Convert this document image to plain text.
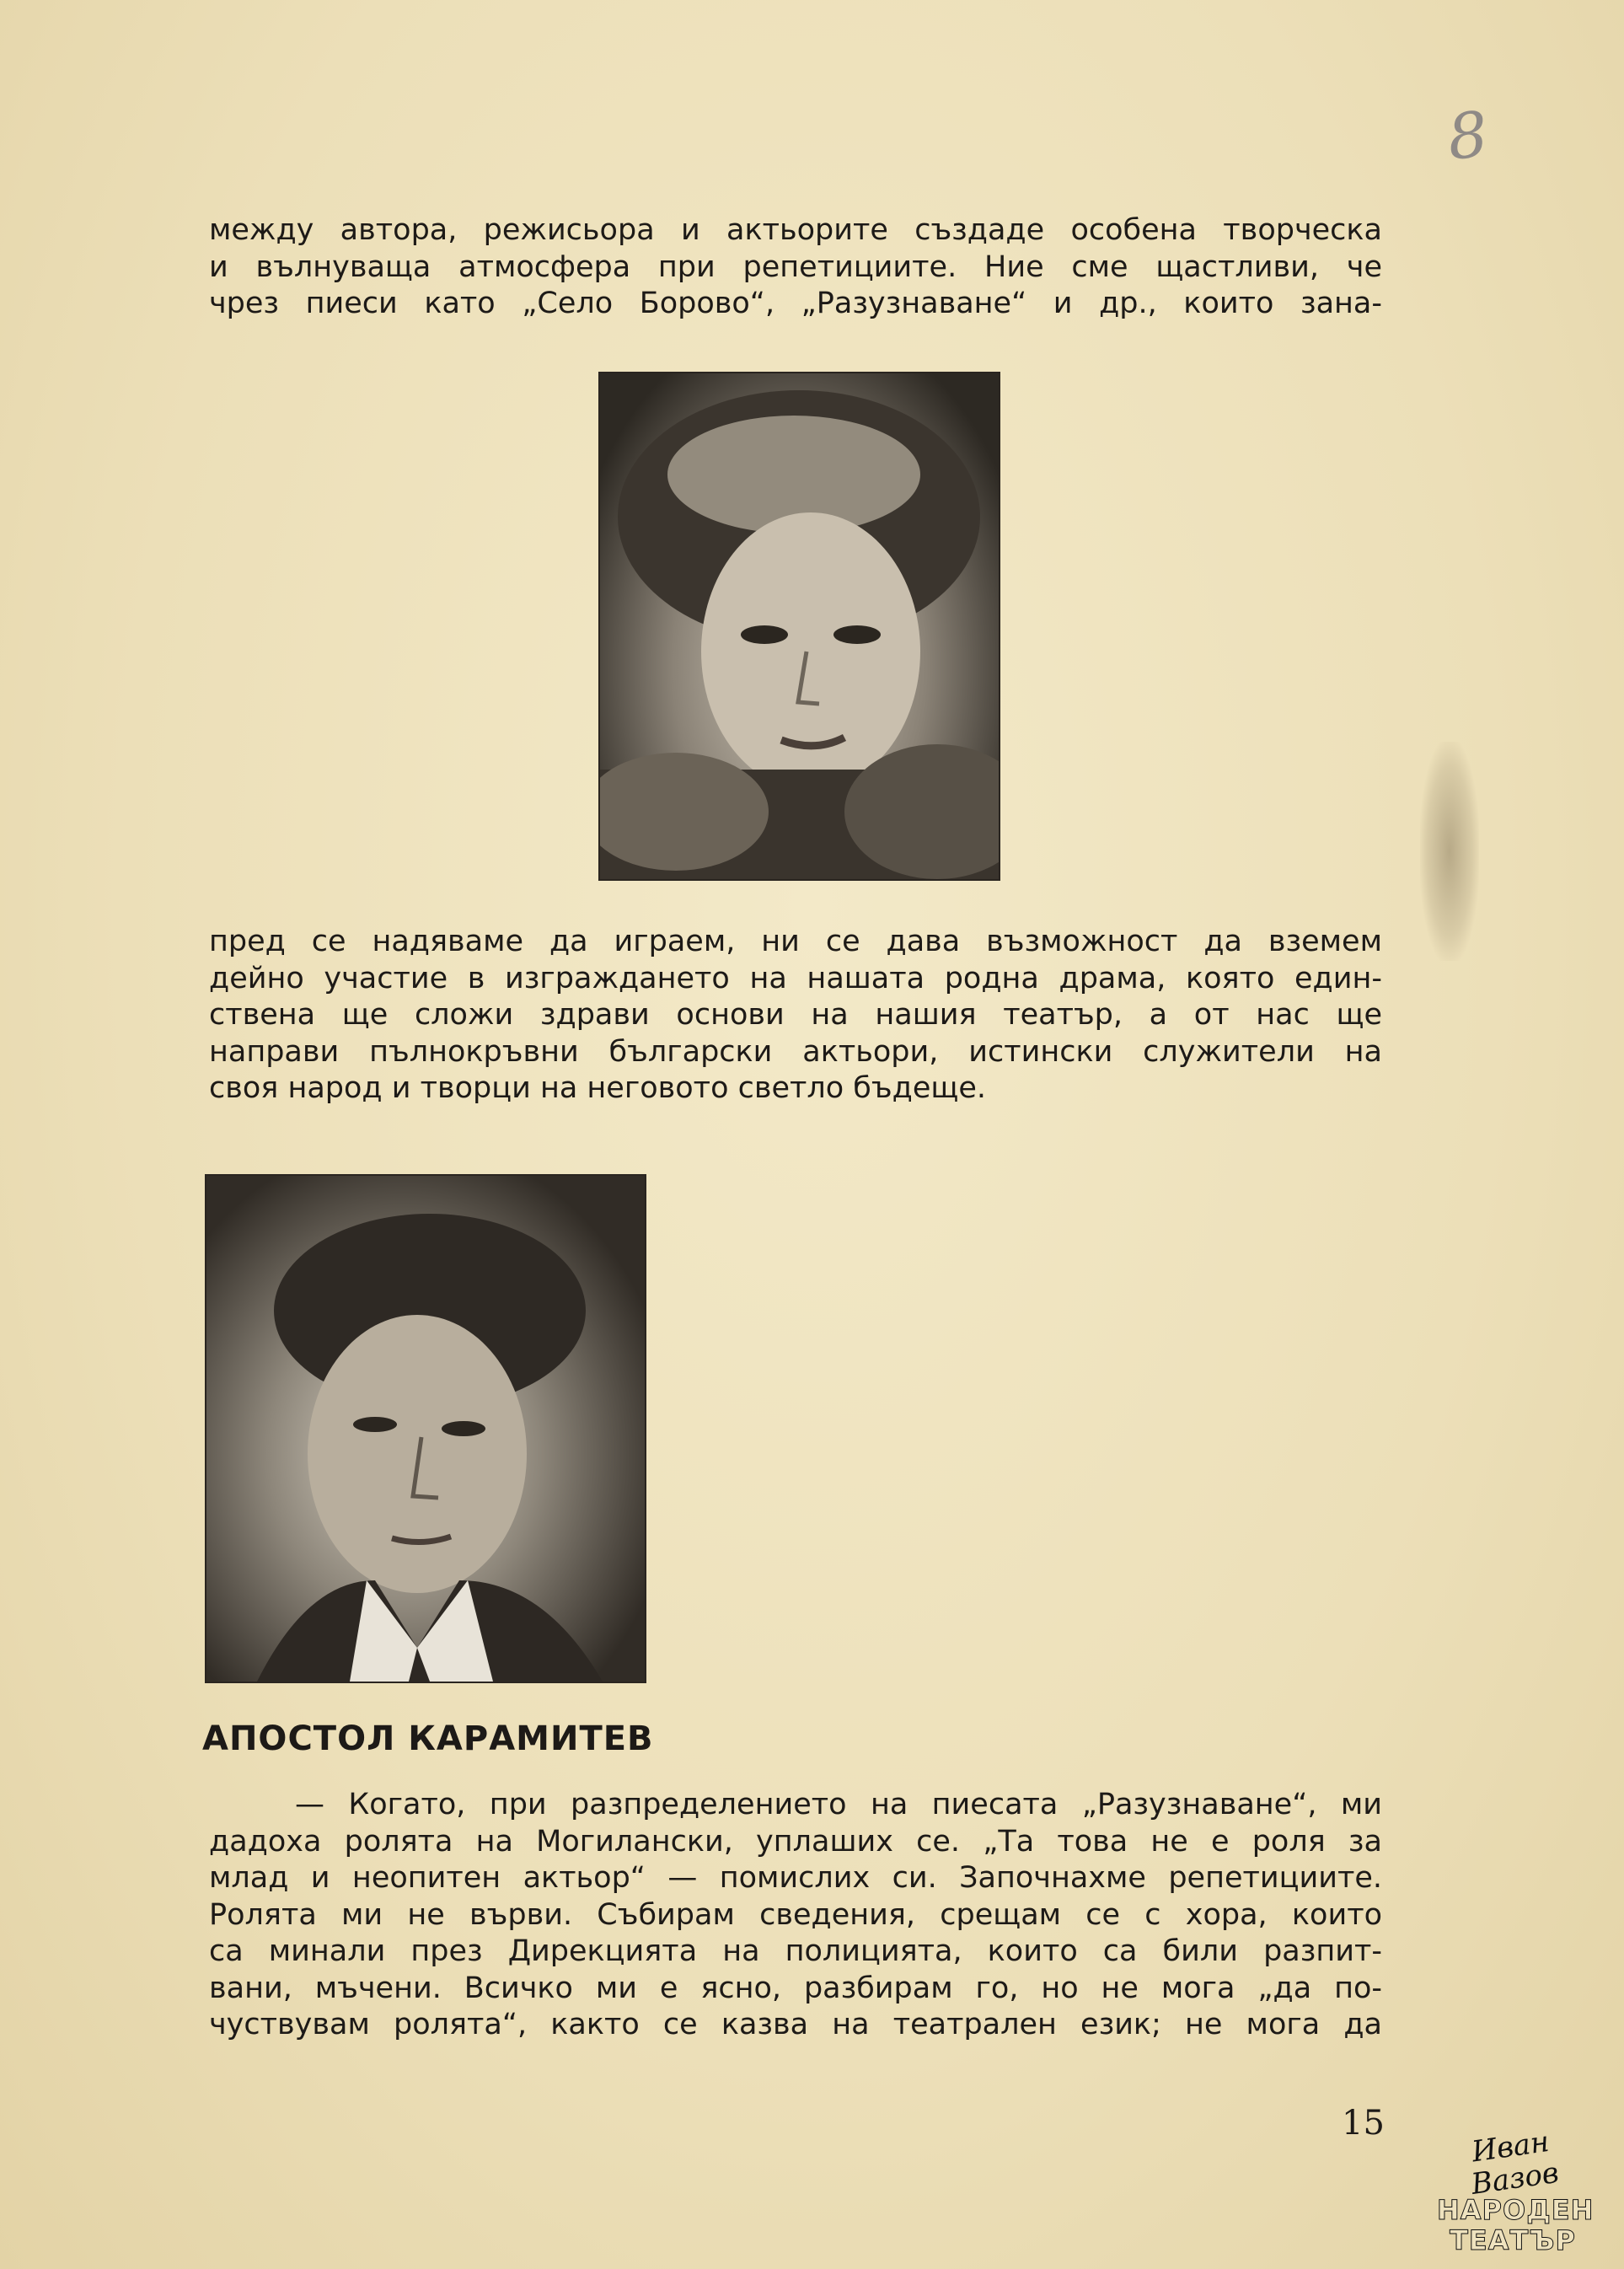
8
между автора, режисьора и актьорите създаде особена творческа
и вълнуваща атмосфера при репетициите. Ние сме щастливи, че
чрез пиеси като „Село Борово“, „Разузнаване“ и др., които зана-
пред се надяваме да играем, ни се дава възможност да вземем
дейно участие в изграждането на нашата родна драма, която един-
ствена ще сложи здрави основи на нашия театър, а от нас ще
направи пълнокръвни български актьори, истински служители на
своя народ и творци на неговото светло бъдеще.
АПОСТОЛ КАРАМИТЕВ
— Когато, при разпределението на пиесата „Разузнаване“, ми
дадоха ролята на Могилански, уплаших се. „Та това не е роля за
млад и неопитен актьор“ — помислих си. Започнахме репетициите.
Ролята ми не върви. Събирам сведения, срещам се с хора, които
са минали през Дирекцията на полицията, които са били разпит-
вани, мъчени. Всичко ми е ясно, разбирам го, но не мога „да по-
чуствувам ролята“, както се казва на театрален език; не мога да
15
Иван Вазов
НАРОДЕН
ТЕАТЪР
